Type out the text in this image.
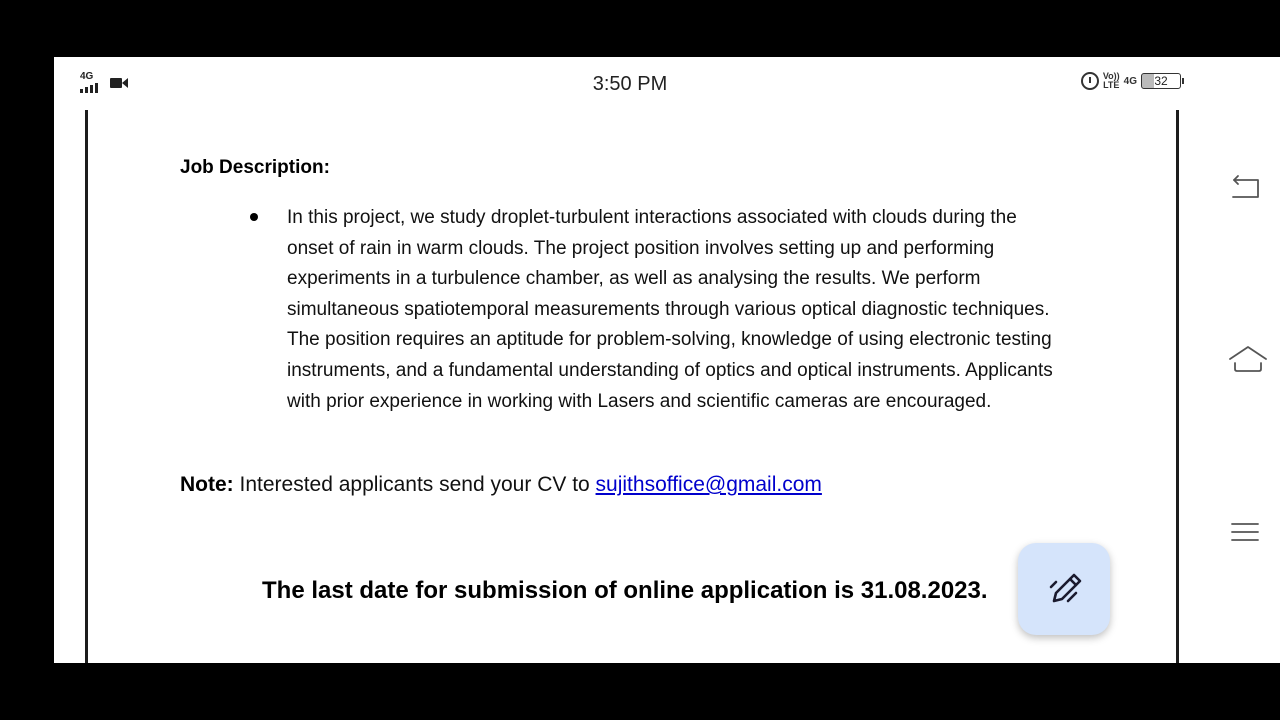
4G	3:50 PM	Vo))
LTE 4G	32
Job Description:
In this project, we study droplet-turbulent interactions associated with clouds during the
onset of rain in warm clouds. The project position involves setting up and performing
experiments in a turbulence chamber, as well as analysing the results. We perform
simultaneous spatiotemporal measurements through various optical diagnostic techniques.
The position requires an aptitude for problem-solving, knowledge of using electronic testing
instruments, and a fundamental understanding of optics and optical instruments. Applicants
with prior experience in working with Lasers and scientific cameras are encouraged.
Note: Interested applicants send your CV to sujithsoffice@gmail.com
The last date for submission of online application is 31.08.2023.
